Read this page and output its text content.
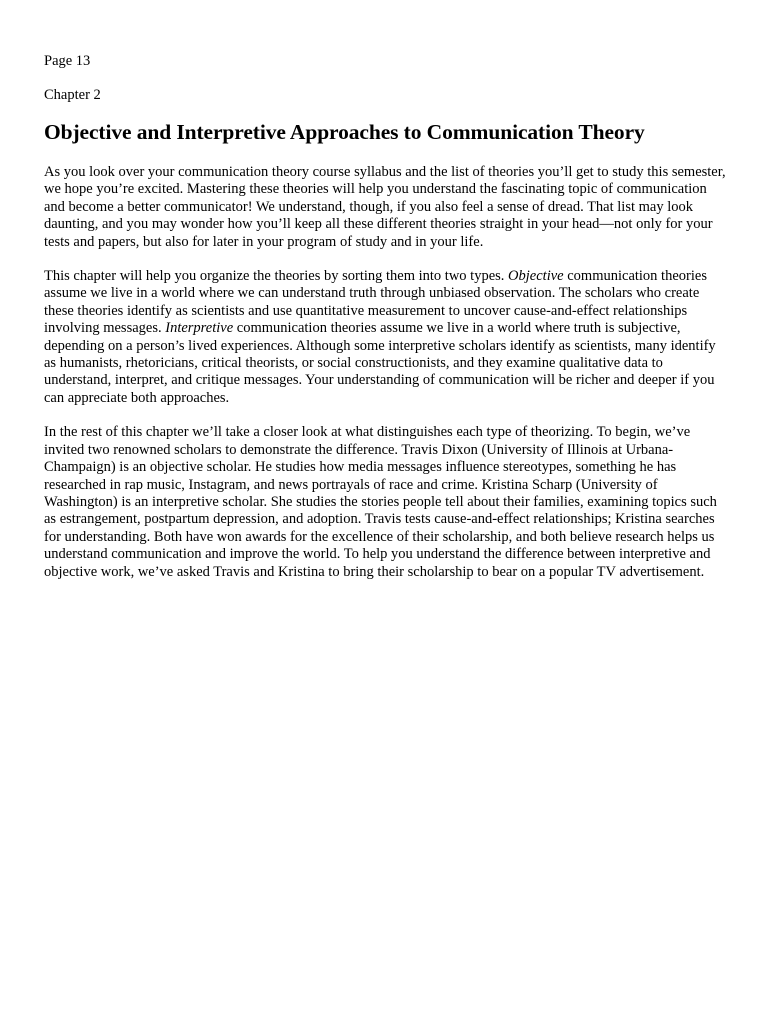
Page 13

Chapter 2

Objective and Interpretive Approaches to Communication Theory

As you look over your communication theory course syllabus and the list of theories you’ll get to study this semester, we hope you’re excited. Mastering these theories will help you understand the fascinating topic of communication and become a better communicator! We understand, though, if you also feel a sense of dread. That list may look daunting, and you may wonder how you’ll keep all these different theories straight in your head—not only for your tests and papers, but also for later in your program of study and in your life.

This chapter will help you organize the theories by sorting them into two types. Objective communication theories assume we live in a world where we can understand truth through unbiased observation. The scholars who create these theories identify as scientists and use quantitative measurement to uncover cause-and-effect relationships involving messages. Interpretive communication theories assume we live in a world where truth is subjective, depending on a person’s lived experiences. Although some interpretive scholars identify as scientists, many identify as humanists, rhetoricians, critical theorists, or social constructionists, and they examine qualitative data to understand, interpret, and critique messages. Your understanding of communication will be richer and deeper if you can appreciate both approaches.

In the rest of this chapter we’ll take a closer look at what distinguishes each type of theorizing. To begin, we’ve invited two renowned scholars to demonstrate the difference. Travis Dixon (University of Illinois at Urbana-Champaign) is an objective scholar. He studies how media messages influence stereotypes, something he has researched in rap music, Instagram, and news portrayals of race and crime. Kristina Scharp (University of Washington) is an interpretive scholar. She studies the stories people tell about their families, examining topics such as estrangement, postpartum depression, and adoption. Travis tests cause-and-effect relationships; Kristina searches for understanding. Both have won awards for the excellence of their scholarship, and both believe research helps us understand communication and improve the world. To help you understand the difference between interpretive and objective work, we’ve asked Travis and Kristina to bring their scholarship to bear on a popular TV advertisement.
